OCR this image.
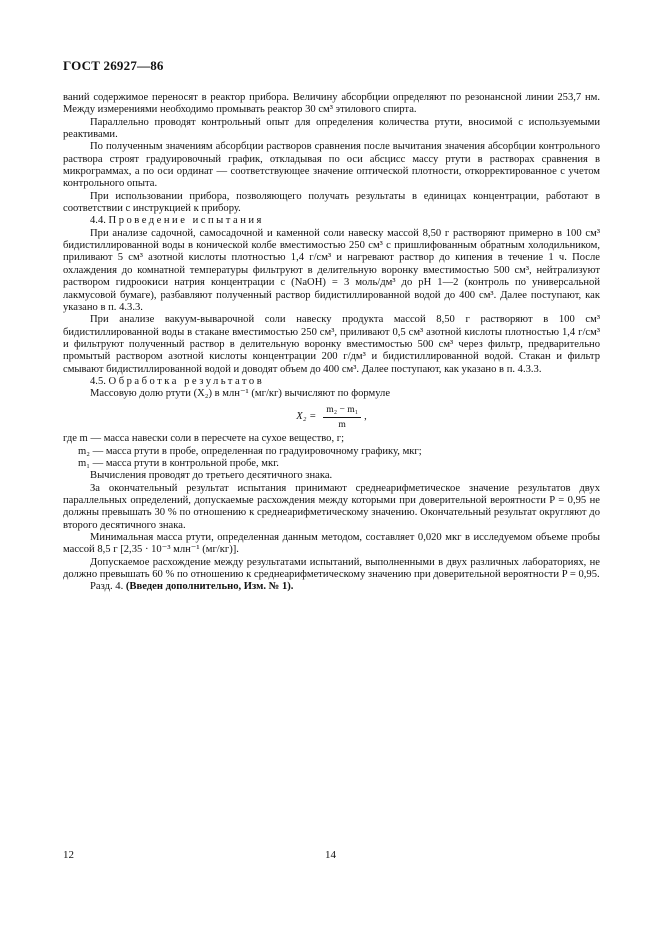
ГОСТ 26927—86

ваний содержимое переносят в реактор прибора. Величину абсорбции определяют по резонансной линии 253,7 нм. Между измерениями необходимо промывать реактор 30 см³ этилового спирта.

Параллельно проводят контрольный опыт для определения количества ртути, вносимой с используемыми реактивами.

По полученным значениям абсорбции растворов сравнения после вычитания значения абсорбции контрольного раствора строят градуировочный график, откладывая по оси абсцисс массу ртути в растворах сравнения в микрограммах, а по оси ординат — соответствующее значение оптической плотности, откорректированное с учетом контрольного опыта.

При использовании прибора, позволяющего получать результаты в единицах концентрации, работают в соответствии с инструкцией к прибору.

4.4. Проведение испытания

При анализе садочной, самосадочной и каменной соли навеску массой 8,50 г растворяют примерно в 100 см³ бидистиллированной воды в конической колбе вместимостью 250 см³ с пришлифованным обратным холодильником, приливают 5 см³ азотной кислоты плотностью 1,4 г/см³ и нагревают раствор до кипения в течение 1 ч. После охлаждения до комнатной температуры фильтруют в делительную воронку вместимостью 500 см³, нейтрализуют раствором гидроокиси натрия концентрации c (NaOH) = 3 моль/дм³ до pH 1—2 (контроль по универсальной лакмусовой бумаге), разбавляют полученный раствор бидистиллированной водой до 400 см³. Далее поступают, как указано в п. 4.3.3.

При анализе вакуум-выварочной соли навеску продукта массой 8,50 г растворяют в 100 см³ бидистиллированной воды в стакане вместимостью 250 см³, приливают 0,5 см³ азотной кислоты плотностью 1,4 г/см³ и фильтруют полученный раствор в делительную воронку вместимостью 500 см³ через фильтр, предварительно промытый раствором азотной кислоты концентрации 200 г/дм³ и бидистиллированной водой. Стакан и фильтр смывают бидистиллированной водой и доводят объем до 400 см³. Далее поступают, как указано в п. 4.3.3.

4.5. Обработка результатов

Массовую долю ртути (X₂) в млн⁻¹ (мг/кг) вычисляют по формуле

$X_2 = \frac{\text{m₂ − m₁}}{m}$ ,

где m — масса навески соли в пересчете на сухое вещество, г;

m₂ — масса ртути в пробе, определенная по градуировочному графику, мкг;

m₁ — масса ртути в контрольной пробе, мкг.

Вычисления проводят до третьего десятичного знака.

За окончательный результат испытания принимают среднеарифметическое значение результатов двух параллельных определений, допускаемые расхождения между которыми при доверительной вероятности P = 0,95 не должны превышать 30 % по отношению к среднеарифметическому значению. Окончательный результат округляют до второго десятичного знака.

Минимальная масса ртути, определенная данным методом, составляет 0,020 мкг в исследуемом объеме пробы массой 8,5 г [2,35 · 10⁻³ млн⁻¹ (мг/кг)].

Допускаемое расхождение между результатами испытаний, выполненными в двух различных лабораториях, не должно превышать 60 % по отношению к среднеарифметическому значению при доверительной вероятности P = 0,95.

Разд. 4. (Введен дополнительно, Изм. № 1).

12	14
